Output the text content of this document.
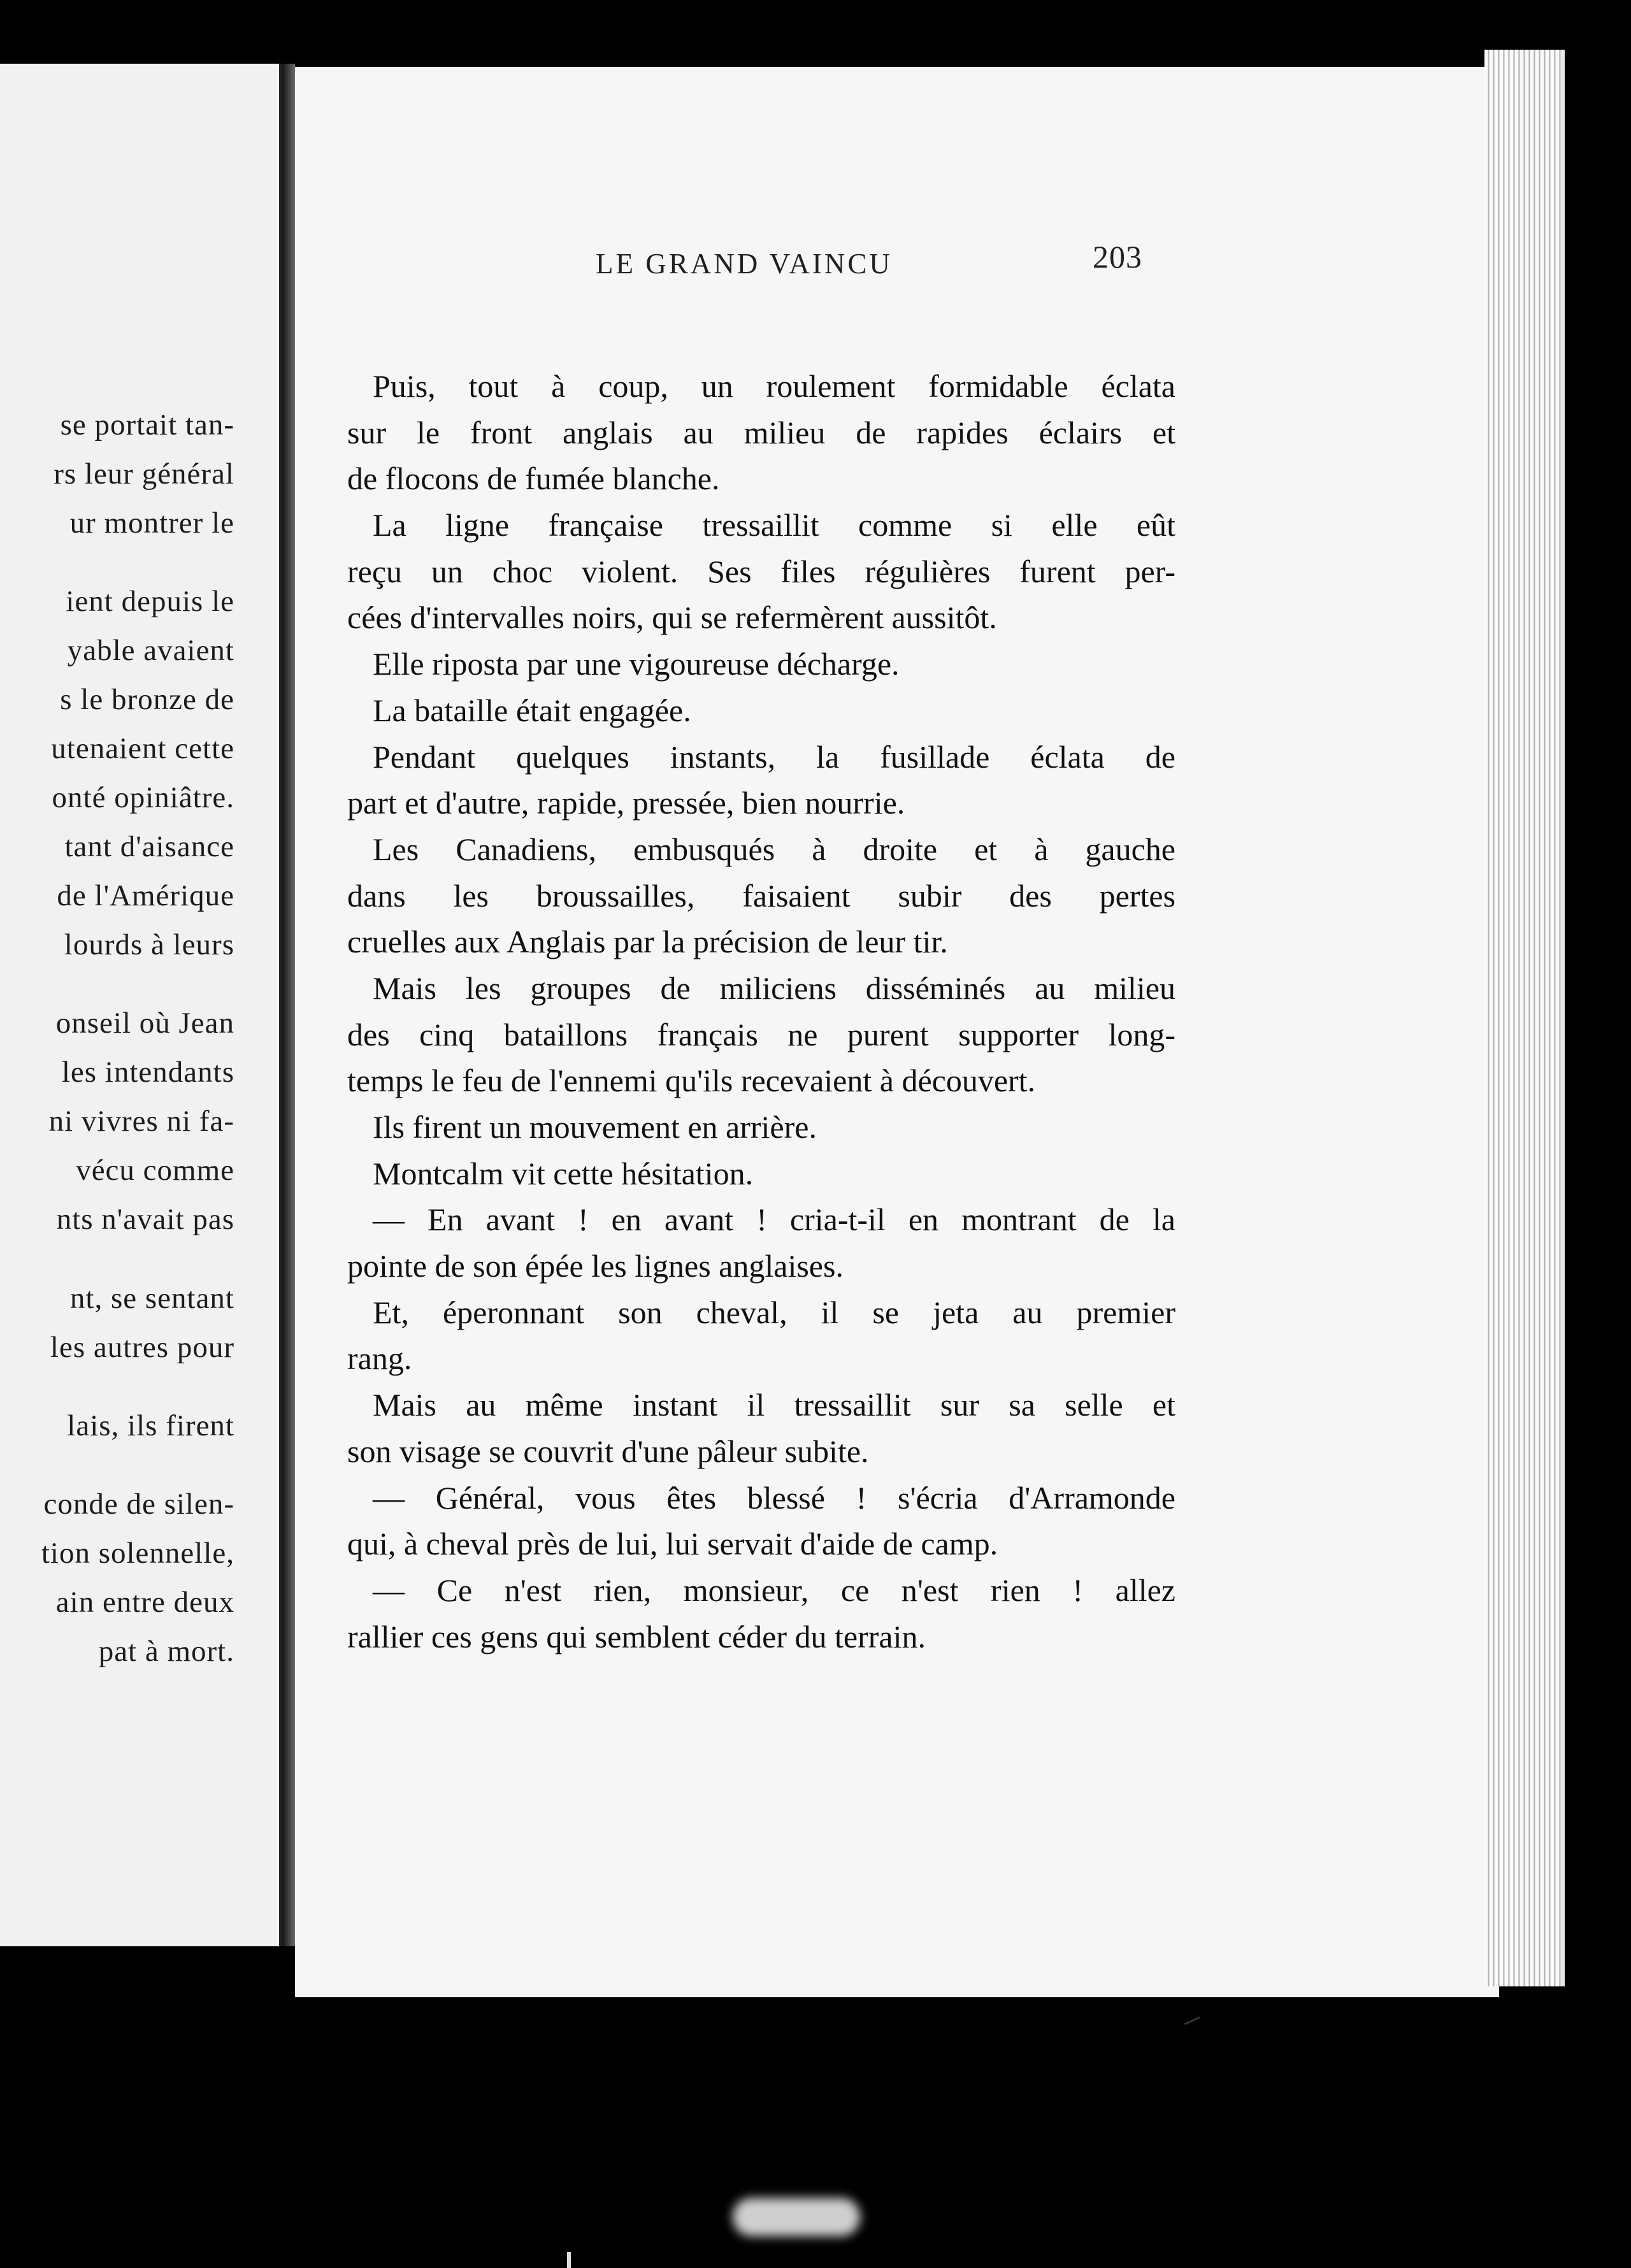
se portait tan-
rs leur général
ur montrer le
ient depuis le
yable avaient
s le bronze de
utenaient cette
onté opiniâtre.
tant d'aisance
de l'Amérique
lourds à leurs
onseil où Jean
les intendants
ni vivres ni fa-
vécu comme
nts n'avait pas
nt, se sentant
les autres pour
lais, ils firent
conde de silen-
tion solennelle,
ain entre deux
pat à mort.
LE GRAND VAINCU	203
Puis, tout à coup, un roulement formidable éclata
sur le front anglais au milieu de rapides éclairs et
de flocons de fumée blanche.
La ligne française tressaillit comme si elle eût
reçu un choc violent. Ses files régulières furent per-
cées d'intervalles noirs, qui se refermèrent aussitôt.
Elle riposta par une vigoureuse décharge.
La bataille était engagée.
Pendant quelques instants, la fusillade éclata de
part et d'autre, rapide, pressée, bien nourrie.
Les Canadiens, embusqués à droite et à gauche
dans les broussailles, faisaient subir des pertes
cruelles aux Anglais par la précision de leur tir.
Mais les groupes de miliciens disséminés au milieu
des cinq bataillons français ne purent supporter long-
temps le feu de l'ennemi qu'ils recevaient à découvert.
Ils firent un mouvement en arrière.
Montcalm vit cette hésitation.
— En avant ! en avant ! cria-t-il en montrant de la
pointe de son épée les lignes anglaises.
Et, éperonnant son cheval, il se jeta au premier
rang.
Mais au même instant il tressaillit sur sa selle et
son visage se couvrit d'une pâleur subite.
— Général, vous êtes blessé ! s'écria d'Arramonde
qui, à cheval près de lui, lui servait d'aide de camp.
— Ce n'est rien, monsieur, ce n'est rien ! allez
rallier ces gens qui semblent céder du terrain.
